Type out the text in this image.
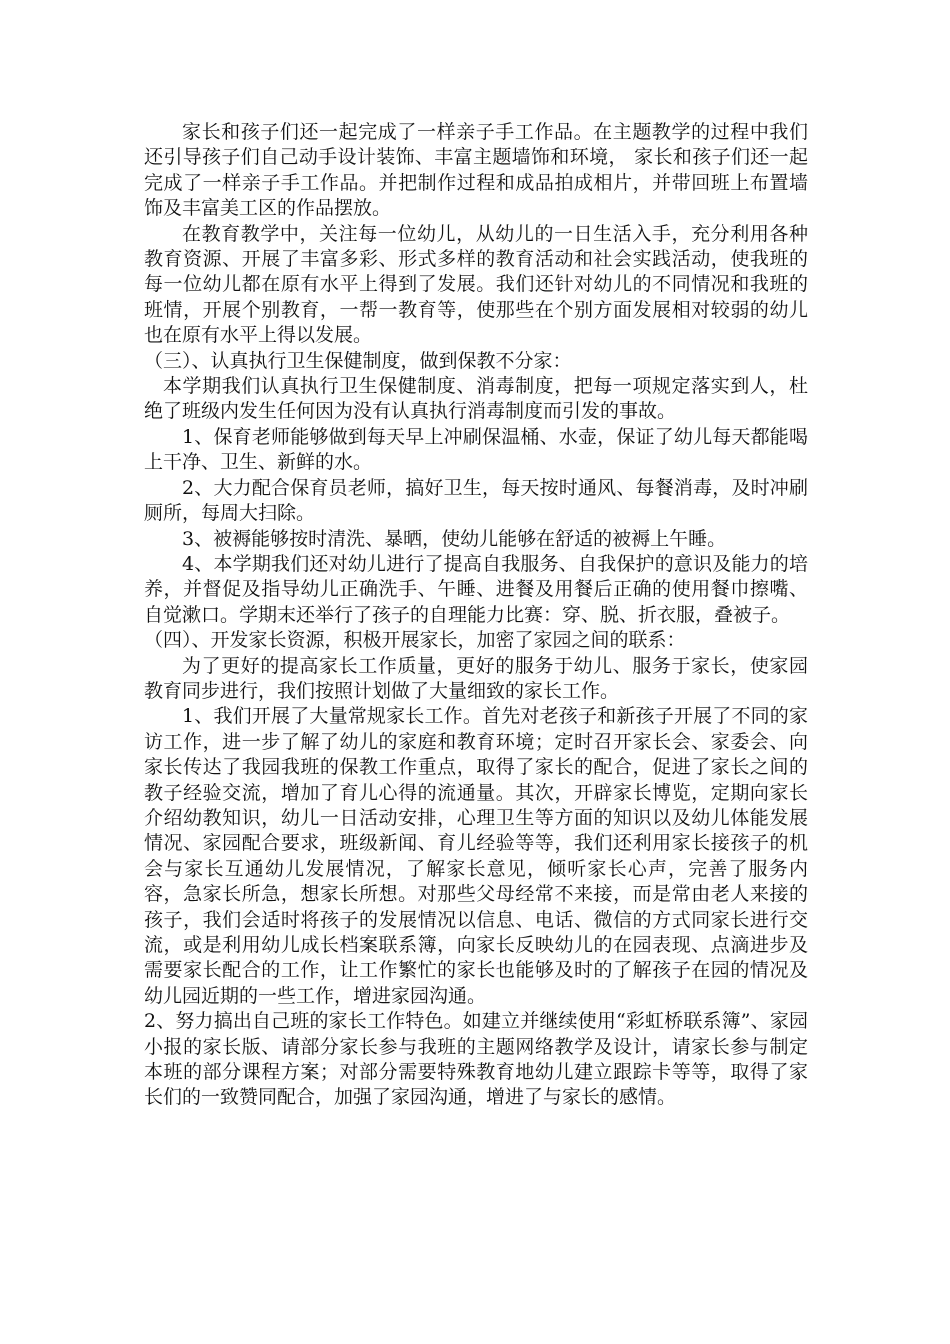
家长和孩子们还一起完成了一样亲子手工作品。在主题教学的过程中我们还引导孩子们自己动手设计装饰、丰富主题墙饰和环境， 家长和孩子们还一起完成了一样亲子手工作品。并把制作过程和成品拍成相片，并带回班上布置墙饰及丰富美工区的作品摆放。

在教育教学中，关注每一位幼儿，从幼儿的一日生活入手，充分利用各种教育资源、开展了丰富多彩、形式多样的教育活动和社会实践活动，使我班的每一位幼儿都在原有水平上得到了发展。我们还针对幼儿的不同情况和我班的班情，开展个别教育，一帮一教育等，使那些在个别方面发展相对较弱的幼儿也在原有水平上得以发展。

（三）、认真执行卫生保健制度，做到保教不分家：

本学期我们认真执行卫生保健制度、消毒制度，把每一项规定落实到人，杜绝了班级内发生任何因为没有认真执行消毒制度而引发的事故。

1、保育老师能够做到每天早上冲刷保温桶、水壶，保证了幼儿每天都能喝上干净、卫生、新鲜的水。

2、大力配合保育员老师，搞好卫生，每天按时通风、每餐消毒，及时冲刷厕所，每周大扫除。

3、被褥能够按时清洗、暴晒，使幼儿能够在舒适的被褥上午睡。

4、本学期我们还对幼儿进行了提高自我服务、自我保护的意识及能力的培养，并督促及指导幼儿正确洗手、午睡、进餐及用餐后正确的使用餐巾擦嘴、自觉漱口。学期末还举行了孩子的自理能力比赛：穿、脱、折衣服，叠被子。

（四）、开发家长资源，积极开展家长，加密了家园之间的联系：

为了更好的提高家长工作质量，更好的服务于幼儿、服务于家长，使家园教育同步进行，我们按照计划做了大量细致的家长工作。

1、我们开展了大量常规家长工作。首先对老孩子和新孩子开展了不同的家访工作，进一步了解了幼儿的家庭和教育环境；定时召开家长会、家委会、向家长传达了我园我班的保教工作重点，取得了家长的配合，促进了家长之间的教子经验交流，增加了育儿心得的流通量。其次，开辟家长博览，定期向家长介绍幼教知识，幼儿一日活动安排，心理卫生等方面的知识以及幼儿体能发展情况、家园配合要求，班级新闻、育儿经验等等，我们还利用家长接孩子的机会与家长互通幼儿发展情况，了解家长意见，倾听家长心声，完善了服务内容，急家长所急，想家长所想。对那些父母经常不来接，而是常由老人来接的孩子，我们会适时将孩子的发展情况以信息、电话、微信的方式同家长进行交流，或是利用幼儿成长档案联系簿，向家长反映幼儿的在园表现、点滴进步及需要家长配合的工作，让工作繁忙的家长也能够及时的了解孩子在园的情况及幼儿园近期的一些工作，增进家园沟通。

2、努力搞出自己班的家长工作特色。如建立并继续使用“彩虹桥联系簿”、家园小报的家长版、请部分家长参与我班的主题网络教学及设计，请家长参与制定本班的部分课程方案；对部分需要特殊教育地幼儿建立跟踪卡等等，取得了家长们的一致赞同配合，加强了家园沟通，增进了与家长的感情。
